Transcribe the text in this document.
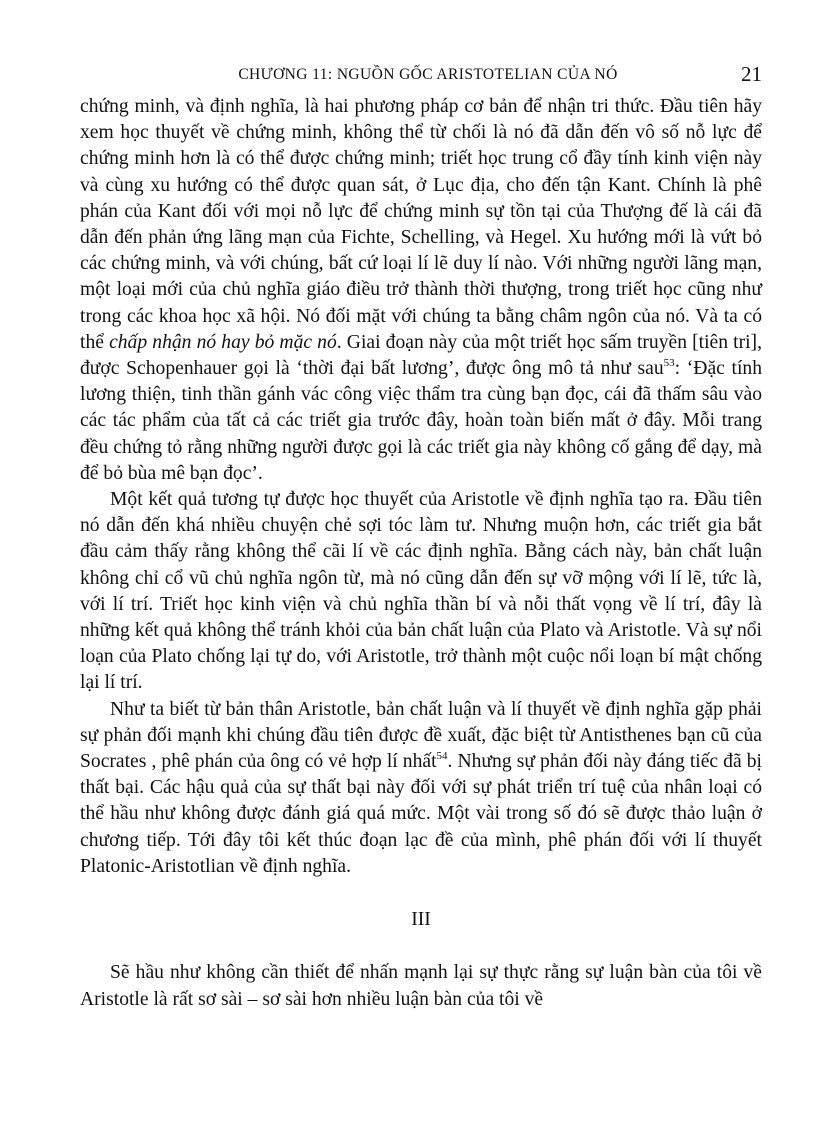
CHƯƠNG 11: NGUỒN GỐC ARISTOTELIAN CỦA NÓ	21

chứng minh, và định nghĩa, là hai phương pháp cơ bản để nhận tri thức. Đầu tiên hãy xem học thuyết về chứng minh, không thể từ chối là nó đã dẫn đến vô số nỗ lực để chứng minh hơn là có thể được chứng minh; triết học trung cổ đầy tính kinh viện này và cùng xu hướng có thể được quan sát, ở Lục địa, cho đến tận Kant. Chính là phê phán của Kant đối với mọi nỗ lực để chứng minh sự tồn tại của Thượng đế là cái đã dẫn đến phản ứng lãng mạn của Fichte, Schelling, và Hegel. Xu hướng mới là vứt bỏ các chứng minh, và với chúng, bất cứ loại lí lẽ duy lí nào. Với những người lãng mạn, một loại mới của chủ nghĩa giáo điều trở thành thời thượng, trong triết học cũng như trong các khoa học xã hội. Nó đối mặt với chúng ta bằng châm ngôn của nó. Và ta có thể chấp nhận nó hay bỏ mặc nó. Giai đoạn này của một triết học sấm truyền [tiên tri], được Schopenhauer gọi là ‘thời đại bất lương’, được ông mô tả như sau$^{53}$: ‘Đặc tính lương thiện, tinh thần gánh vác công việc thẩm tra cùng bạn đọc, cái đã thấm sâu vào các tác phẩm của tất cả các triết gia trước đây, hoàn toàn biến mất ở đây. Mỗi trang đều chứng tỏ rằng những người được gọi là các triết gia này không cố gắng để dạy, mà để bỏ bùa mê bạn đọc’.

Một kết quả tương tự được học thuyết của Aristotle về định nghĩa tạo ra. Đầu tiên nó dẫn đến khá nhiều chuyện chẻ sợi tóc làm tư. Nhưng muộn hơn, các triết gia bắt đầu cảm thấy rằng không thể cãi lí về các định nghĩa. Bằng cách này, bản chất luận không chỉ cổ vũ chủ nghĩa ngôn từ, mà nó cũng dẫn đến sự vỡ mộng với lí lẽ, tức là, với lí trí. Triết học kinh viện và chủ nghĩa thần bí và nỗi thất vọng về lí trí, đây là những kết quả không thể tránh khỏi của bản chất luận của Plato và Aristotle. Và sự nổi loạn của Plato chống lại tự do, với Aristotle, trở thành một cuộc nổi loạn bí mật chống lại lí trí.

Như ta biết từ bản thân Aristotle, bản chất luận và lí thuyết về định nghĩa gặp phải sự phản đối mạnh khi chúng đầu tiên được đề xuất, đặc biệt từ Antisthenes bạn cũ của Socrates , phê phán của ông có vẻ hợp lí nhất$^{54}$. Nhưng sự phản đối này đáng tiếc đã bị thất bại. Các hậu quả của sự thất bại này đối với sự phát triển trí tuệ của nhân loại có thể hầu như không được đánh giá quá mức. Một vài trong số đó sẽ được thảo luận ở chương tiếp. Tới đây tôi kết thúc đoạn lạc đề của mình, phê phán đối với lí thuyết Platonic-Aristotlian về định nghĩa.

III

Sẽ hầu như không cần thiết để nhấn mạnh lại sự thực rằng sự luận bàn của tôi về Aristotle là rất sơ sài – sơ sài hơn nhiều luận bàn của tôi về
